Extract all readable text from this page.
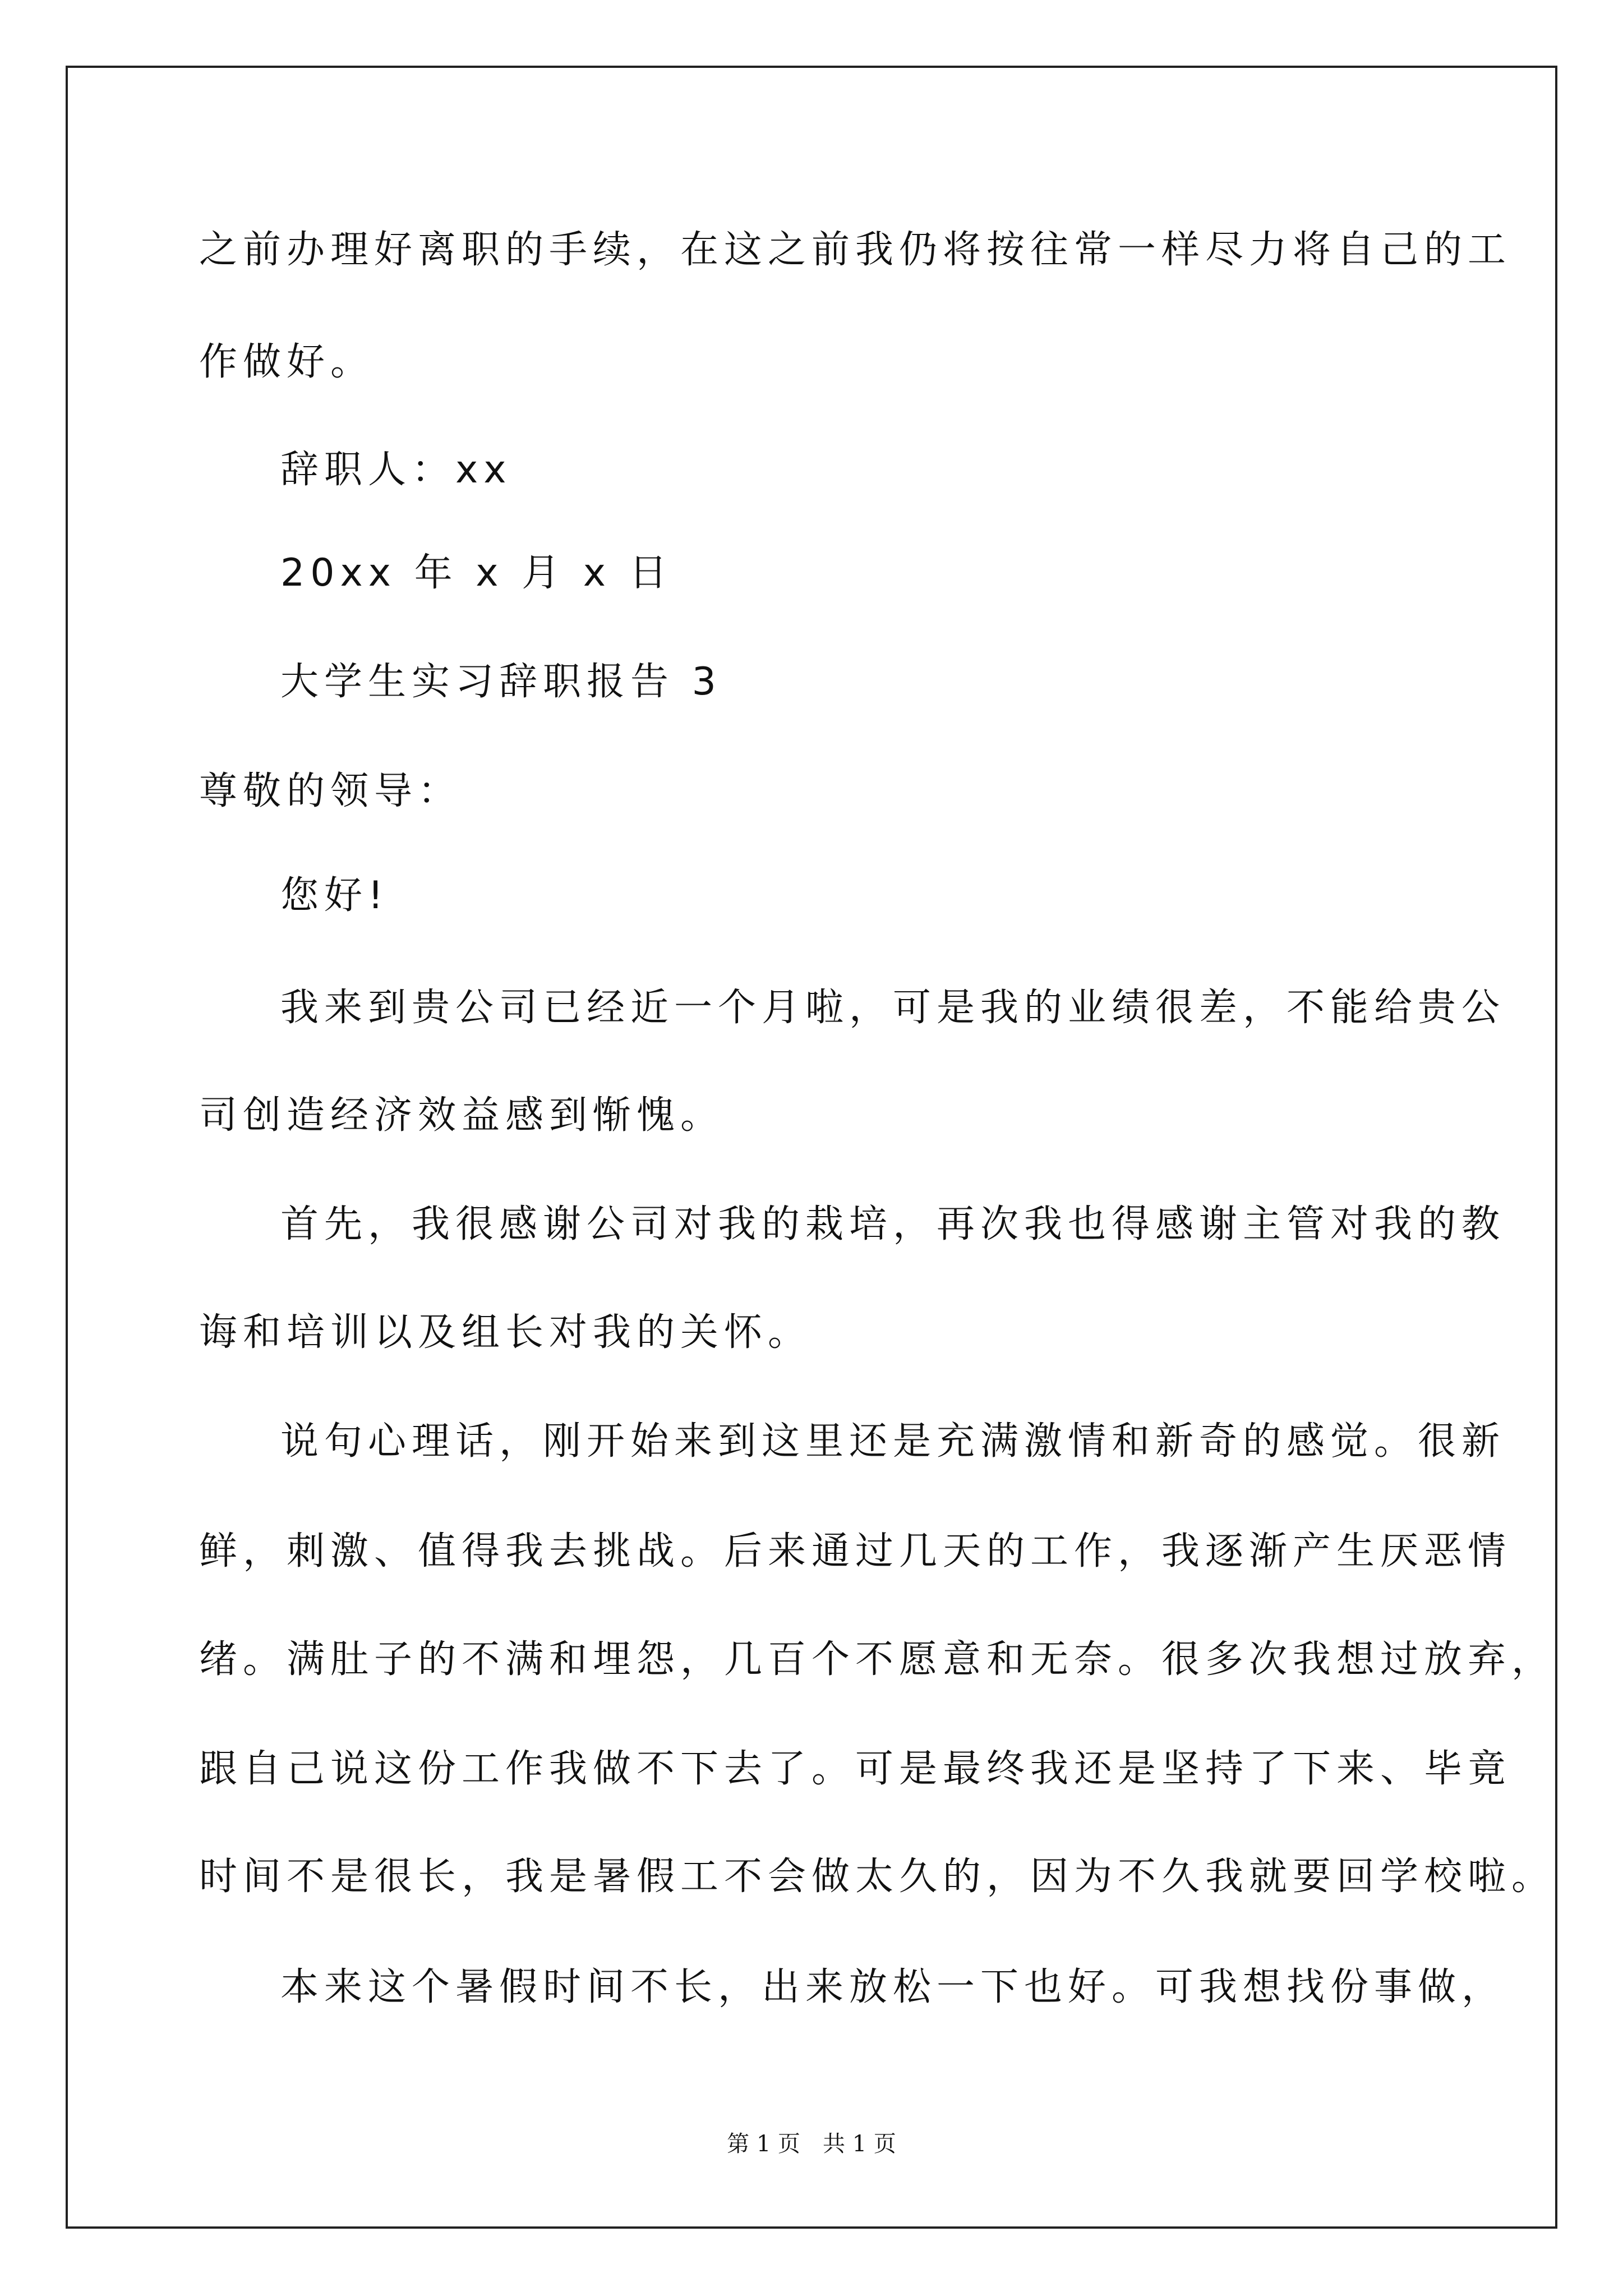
之前办理好离职的手续，在这之前我仍将按往常一样尽力将自己的工
作做好。
辞职人：xx
20xx 年 x 月 x 日
大学生实习辞职报告 3
尊敬的领导：
您好!
我来到贵公司已经近一个月啦，可是我的业绩很差，不能给贵公
司创造经济效益感到惭愧。
首先，我很感谢公司对我的栽培，再次我也得感谢主管对我的教
诲和培训以及组长对我的关怀。
说句心理话，刚开始来到这里还是充满激情和新奇的感觉。很新
鲜，刺激、值得我去挑战。后来通过几天的工作，我逐渐产生厌恶情
绪。满肚子的不满和埋怨，几百个不愿意和无奈。很多次我想过放弃，
跟自己说这份工作我做不下去了。可是最终我还是坚持了下来、毕竟
时间不是很长，我是暑假工不会做太久的，因为不久我就要回学校啦。
本来这个暑假时间不长，出来放松一下也好。可我想找份事做，
第 1 页　共 1 页
